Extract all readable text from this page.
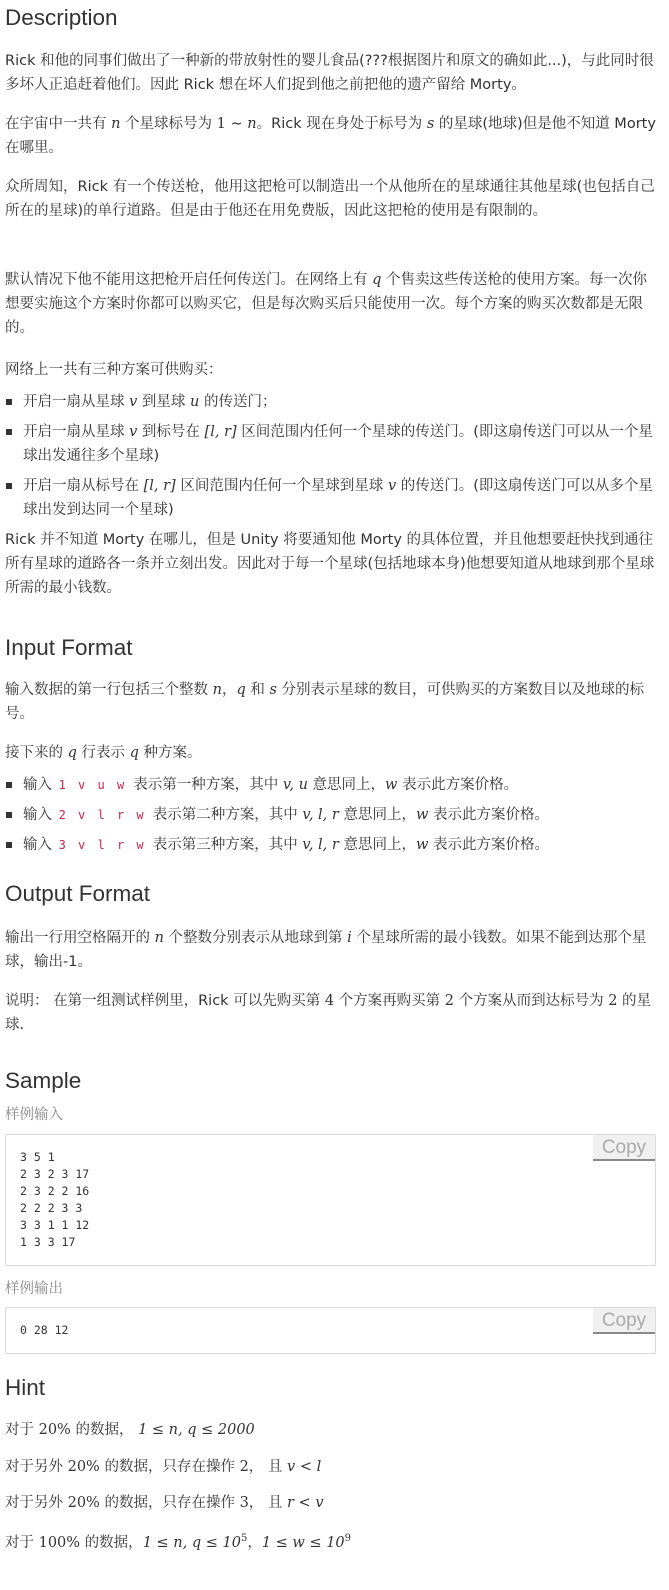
Description

Rick 和他的同事们做出了一种新的带放射性的婴儿食品(???根据图片和原文的确如此...)，与此同时很多坏人正追赶着他们。因此 Rick 想在坏人们捉到他之前把他的遗产留给 Morty。

在宇宙中一共有 n 个星球标号为 1 ∼ n。Rick 现在身处于标号为 s 的星球(地球)但是他不知道 Morty 在哪里。

众所周知，Rick 有一个传送枪，他用这把枪可以制造出一个从他所在的星球通往其他星球(也包括自己所在的星球)的单行道路。但是由于他还在用免费版，因此这把枪的使用是有限制的。

默认情况下他不能用这把枪开启任何传送门。在网络上有 q 个售卖这些传送枪的使用方案。每一次你想要实施这个方案时你都可以购买它，但是每次购买后只能使用一次。每个方案的购买次数都是无限的。

网络上一共有三种方案可供购买：

开启一扇从星球 v 到星球 u 的传送门；
开启一扇从星球 v 到标号在 [l, r] 区间范围内任何一个星球的传送门。(即这扇传送门可以从一个星球出发通往多个星球)
开启一扇从标号在 [l, r] 区间范围内任何一个星球到星球 v 的传送门。(即这扇传送门可以从多个星球出发到达同一个星球)

Rick 并不知道 Morty 在哪儿，但是 Unity 将要通知他 Morty 的具体位置，并且他想要赶快找到通往所有星球的道路各一条并立刻出发。因此对于每一个星球(包括地球本身)他想要知道从地球到那个星球所需的最小钱数。

Input Format

输入数据的第一行包括三个整数 n，q 和 s 分别表示星球的数目，可供购买的方案数目以及地球的标号。

接下来的 q 行表示 q 种方案。

输入 1 v u w 表示第一种方案，其中 v, u 意思同上，w 表示此方案价格。
输入 2 v l r w 表示第二种方案，其中 v, l, r 意思同上，w 表示此方案价格。
输入 3 v l r w 表示第三种方案，其中 v, l, r 意思同上，w 表示此方案价格。
Output Format

输出一行用空格隔开的 n 个整数分别表示从地球到第 i 个星球所需的最小钱数。如果不能到达那个星球，输出-1。

说明： 在第一组测试样例里，Rick 可以先购买第 4 个方案再购买第 2 个方案从而到达标号为 2 的星球.

Sample
样例输入
3 5 1
2 3 2 3 17
2 3 2 2 16
2 2 2 3 3
3 3 1 1 12
1 3 3 17
Copy
样例输出
0 28 12	Copy
Hint

对于 20% 的数据， 1 ≤ n, q ≤ 2000

对于另外 20% 的数据，只存在操作 2， 且 v < l

对于另外 20% 的数据，只存在操作 3， 且 r < v

对于 100% 的数据，1 ≤ n, $q \le 10^5$，$1 \le w \le 10^9$
